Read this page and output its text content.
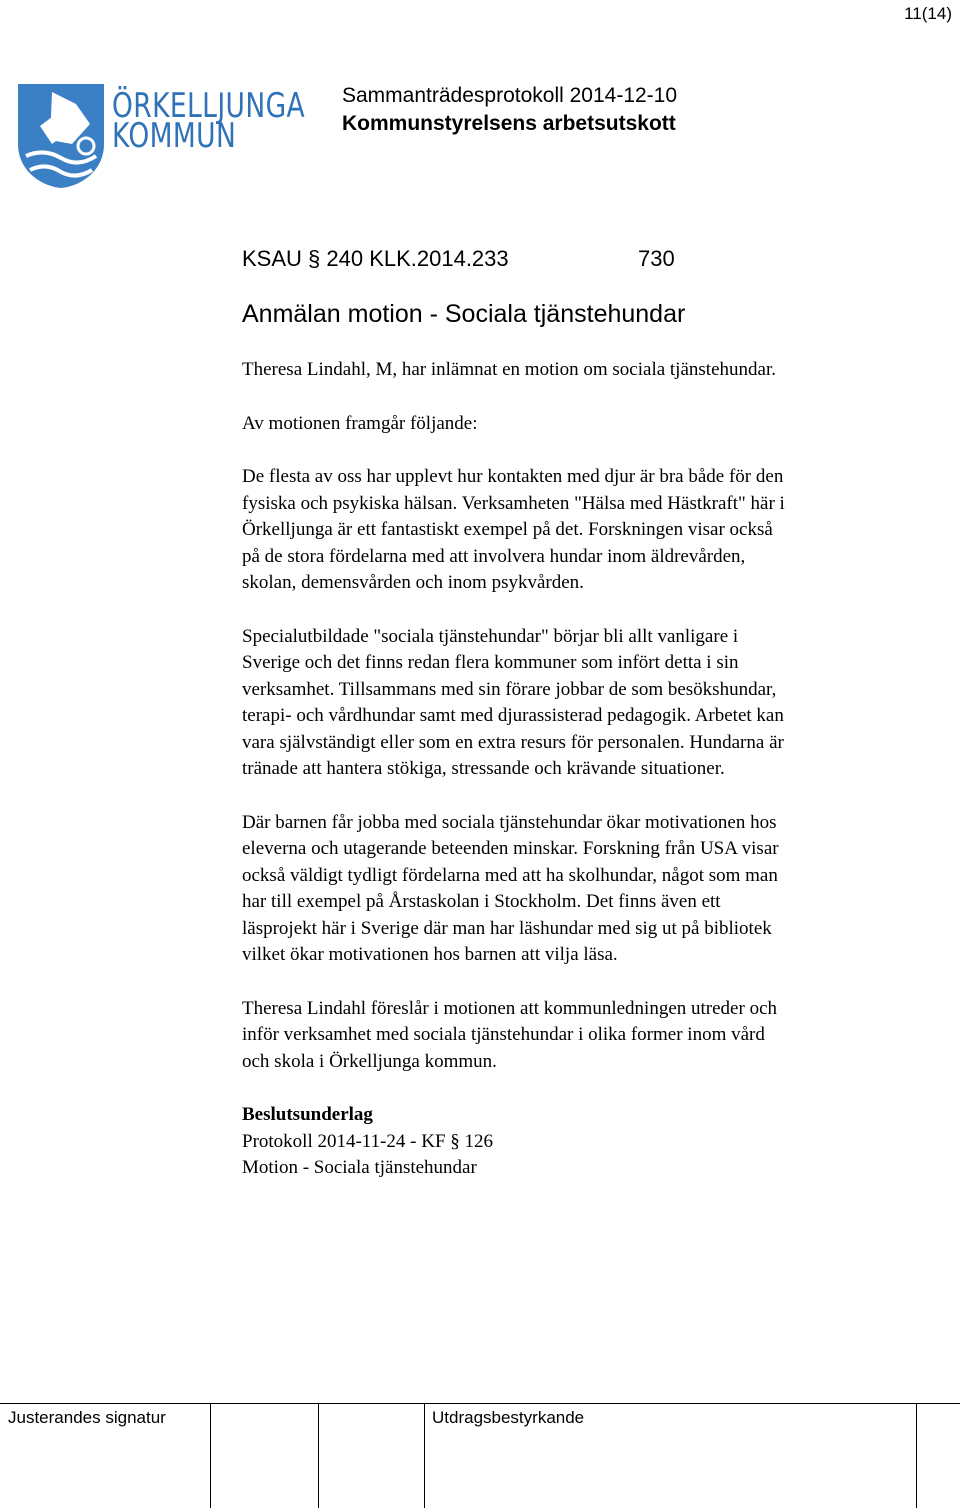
11(14)
ÖRKELLJUNGA
KOMMUN
Sammanträdesprotokoll 2014-12-10
Kommunstyrelsens arbetsutskott
KSAU § 240 KLK.2014.233	730
Anmälan motion - Sociala tjänstehundar

Theresa Lindahl, M, har inlämnat en motion om sociala tjänstehundar.

Av motionen framgår följande:

De flesta av oss har upplevt hur kontakten med djur är bra både för den
fysiska och psykiska hälsan. Verksamheten "Hälsa med Hästkraft" här i
Örkelljunga är ett fantastiskt exempel på det. Forskningen visar också
på de stora fördelarna med att involvera hundar inom äldrevården,
skolan, demensvården och inom psykvården.

Specialutbildade "sociala tjänstehundar" börjar bli allt vanligare i
Sverige och det finns redan flera kommuner som infört detta i sin
verksamhet. Tillsammans med sin förare jobbar de som besökshundar,
terapi- och vårdhundar samt med djurassisterad pedagogik. Arbetet kan
vara självständigt eller som en extra resurs för personalen. Hundarna är
tränade att hantera stökiga, stressande och krävande situationer.

Där barnen får jobba med sociala tjänstehundar ökar motivationen hos
eleverna och utagerande beteenden minskar. Forskning från USA visar
också väldigt tydligt fördelarna med att ha skolhundar, något som man
har till exempel på Årstaskolan i Stockholm. Det finns även ett
läsprojekt här i Sverige där man har läshundar med sig ut på bibliotek
vilket ökar motivationen hos barnen att vilja läsa.

Theresa Lindahl föreslår i motionen att kommunledningen utreder och
inför verksamhet med sociala tjänstehundar i olika former inom vård
och skola i Örkelljunga kommun.

Beslutsunderlag
Protokoll 2014-11-24 - KF § 126
Motion - Sociala tjänstehundar
Justerandes signatur	Utdragsbestyrkande
